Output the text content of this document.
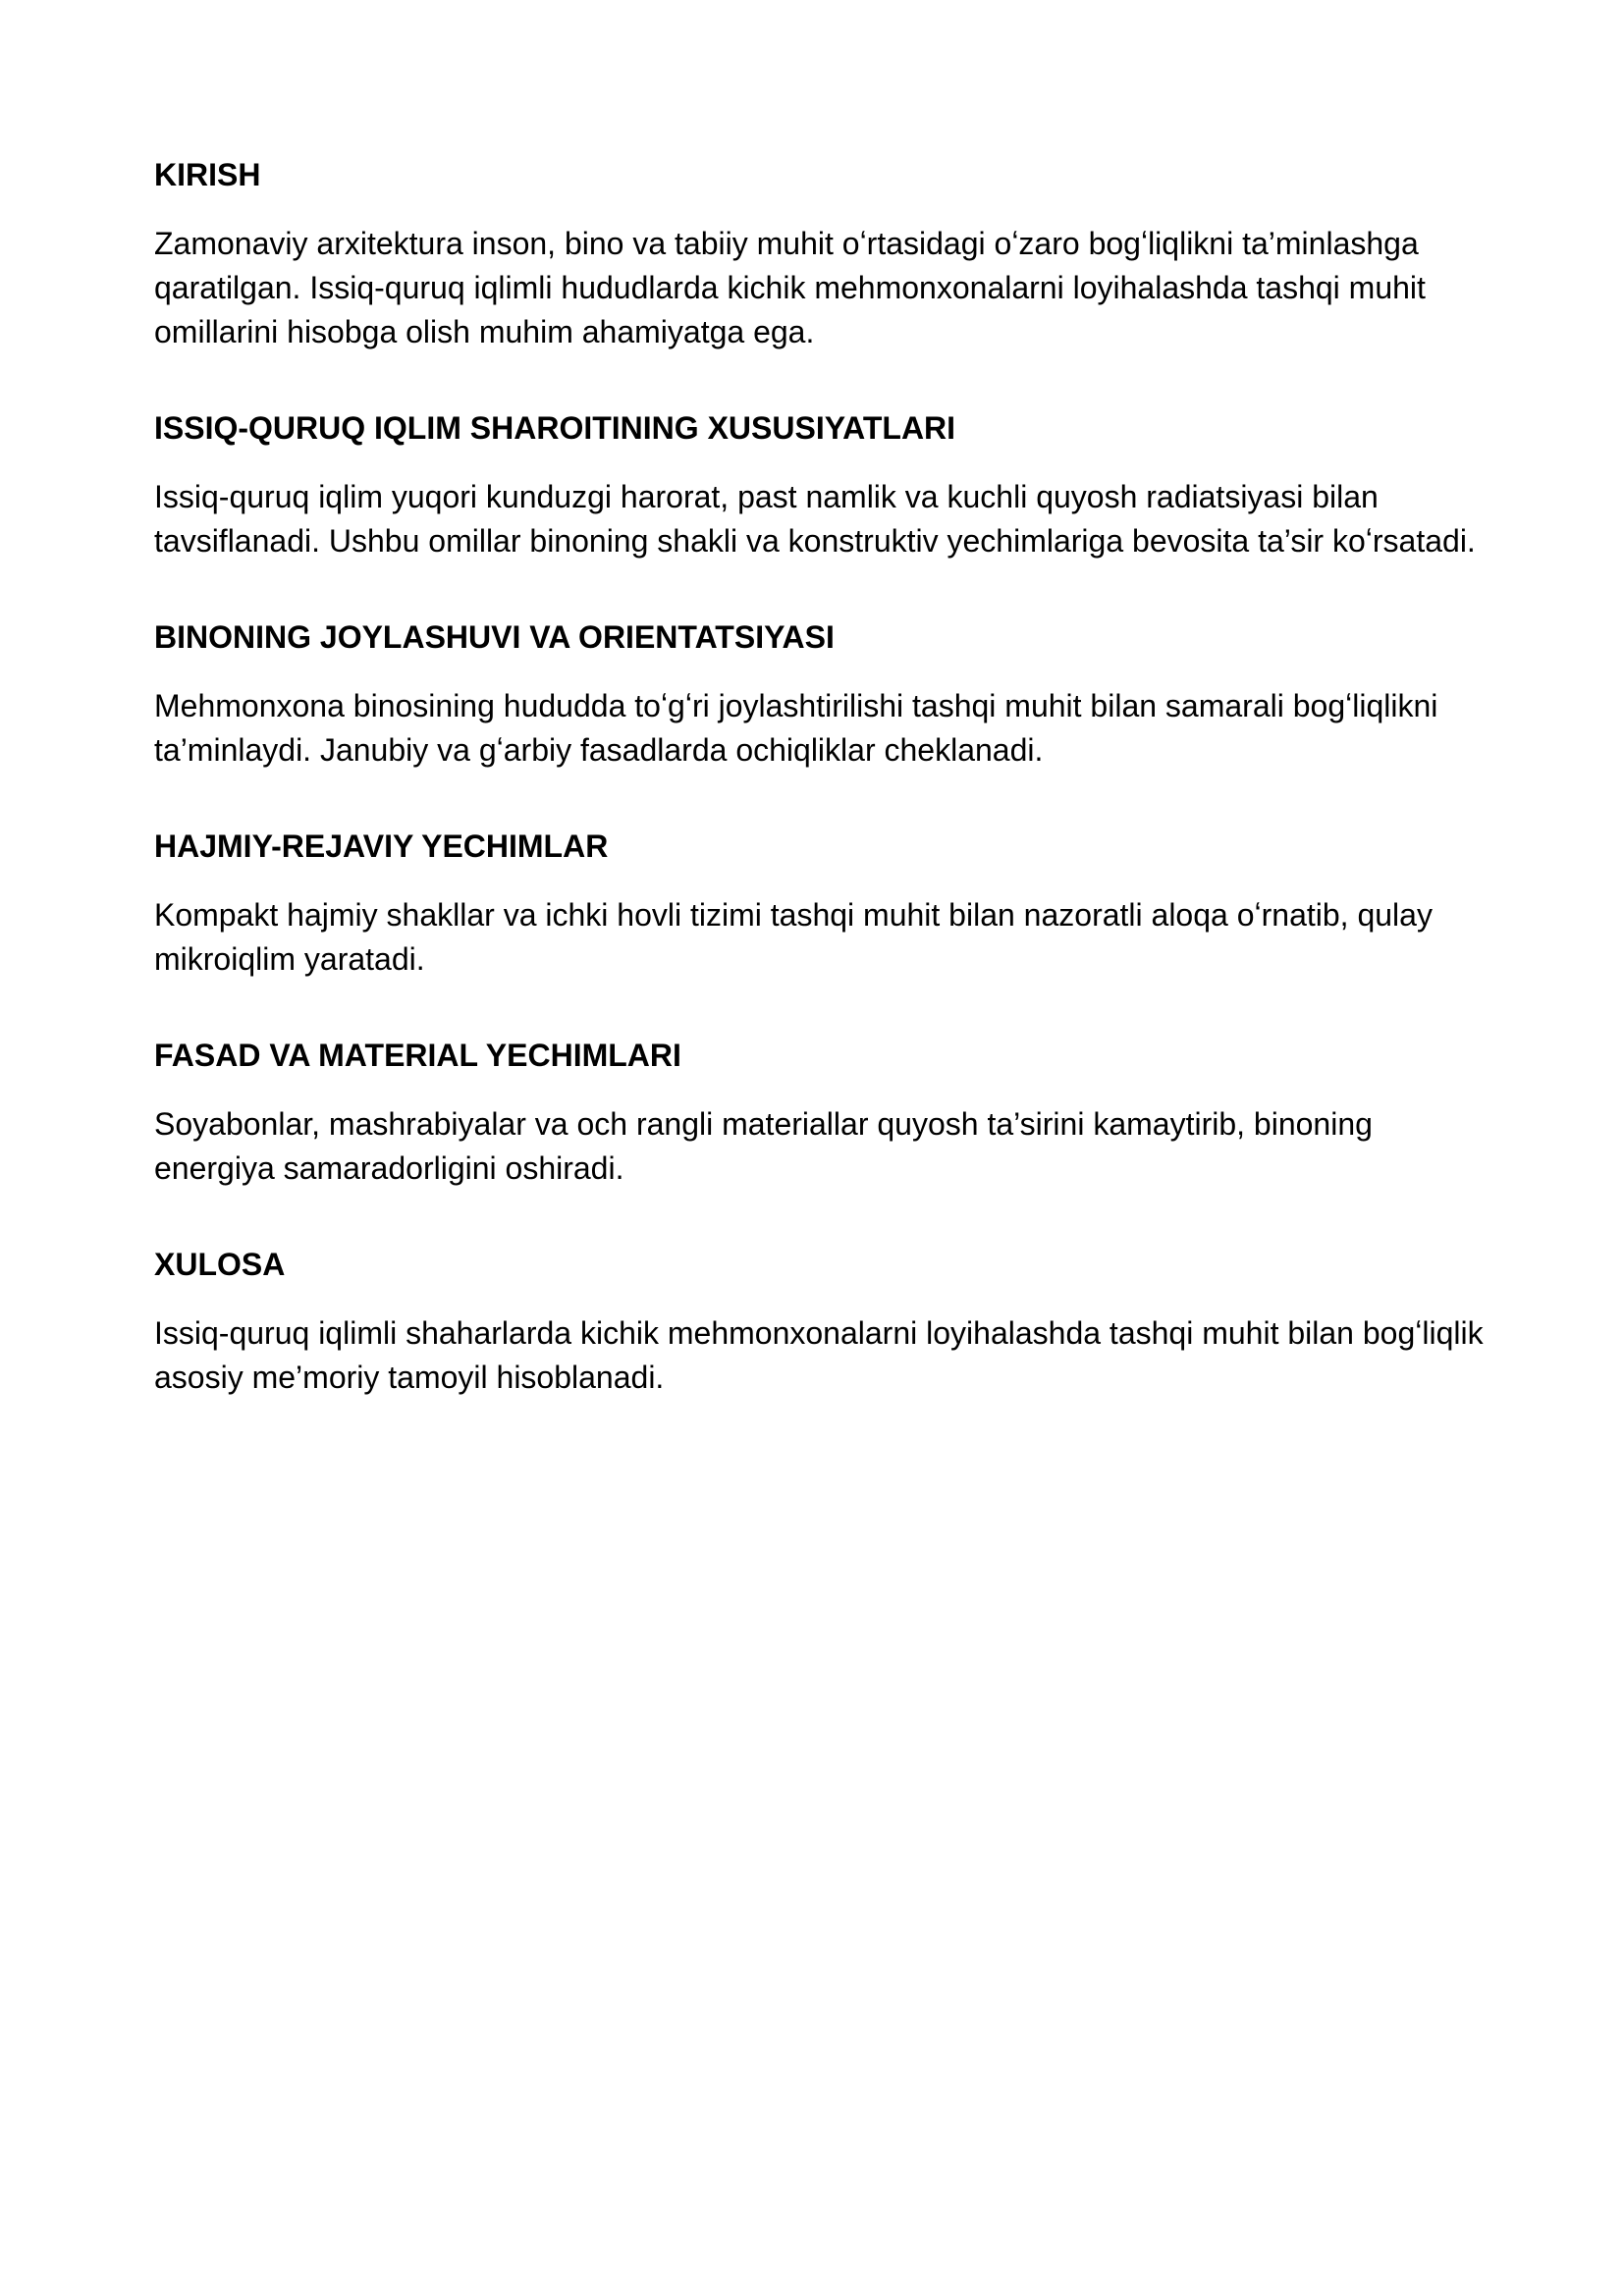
KIRISH

Zamonaviy arxitektura inson, bino va tabiiy muhit oʻrtasidagi oʻzaro bogʻliqlikni ta’minlashga qaratilgan. Issiq-quruq iqlimli hududlarda kichik mehmonxonalarni loyihalashda tashqi muhit omillarini hisobga olish muhim ahamiyatga ega.

ISSIQ-QURUQ IQLIM SHAROITINING XUSUSIYATLARI

Issiq-quruq iqlim yuqori kunduzgi harorat, past namlik va kuchli quyosh radiatsiyasi bilan tavsiflanadi. Ushbu omillar binoning shakli va konstruktiv yechimlariga bevosita ta’sir koʻrsatadi.

BINONING JOYLASHUVI VA ORIENTATSIYASI

Mehmonxona binosining hududda toʻgʻri joylashtirilishi tashqi muhit bilan samarali bogʻliqlikni ta’minlaydi. Janubiy va gʻarbiy fasadlarda ochiqliklar cheklanadi.

HAJMIY-REJAVIY YECHIMLAR

Kompakt hajmiy shakllar va ichki hovli tizimi tashqi muhit bilan nazoratli aloqa oʻrnatib, qulay mikroiqlim yaratadi.

FASAD VA MATERIAL YECHIMLARI

Soyabonlar, mashrabiyalar va och rangli materiallar quyosh ta’sirini kamaytirib, binoning energiya samaradorligini oshiradi.

XULOSA

Issiq-quruq iqlimli shaharlarda kichik mehmonxonalarni loyihalashda tashqi muhit bilan bogʻliqlik asosiy me’moriy tamoyil hisoblanadi.
